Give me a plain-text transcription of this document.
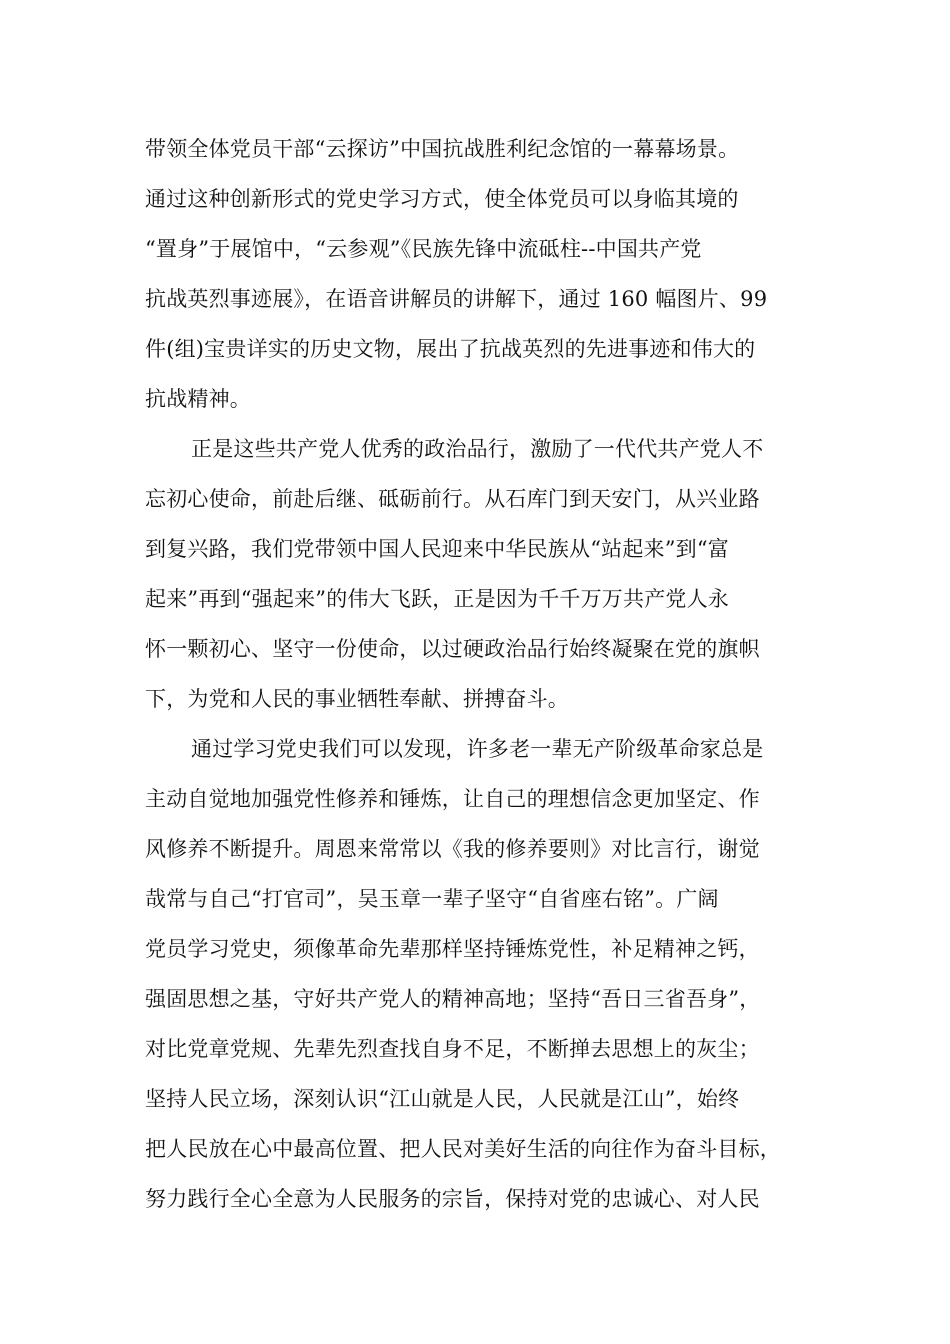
带领全体党员干部“云探访”中国抗战胜利纪念馆的一幕幕场景。
通过这种创新形式的党史学习方式，使全体党员可以身临其境的
“置身”于展馆中，“云参观”《民族先锋中流砥柱--中国共产党
抗战英烈事迹展》，在语音讲解员的讲解下，通过 160 幅图片、99
件(组)宝贵详实的历史文物，展出了抗战英烈的先进事迹和伟大的
抗战精神。
正是这些共产党人优秀的政治品行，激励了一代代共产党人不
忘初心使命，前赴后继、砥砺前行。从石库门到天安门，从兴业路
到复兴路，我们党带领中国人民迎来中华民族从“站起来”到“富
起来”再到“强起来”的伟大飞跃，正是因为千千万万共产党人永
怀一颗初心、坚守一份使命，以过硬政治品行始终凝聚在党的旗帜
下，为党和人民的事业牺牲奉献、拼搏奋斗。
通过学习党史我们可以发现，许多老一辈无产阶级革命家总是
主动自觉地加强党性修养和锤炼，让自己的理想信念更加坚定、作
风修养不断提升。周恩来常常以《我的修养要则》对比言行，谢觉
哉常与自己“打官司”，吴玉章一辈子坚守“自省座右铭”。广阔
党员学习党史，须像革命先辈那样坚持锤炼党性，补足精神之钙，
强固思想之基，守好共产党人的精神高地；坚持“吾日三省吾身”，
对比党章党规、先辈先烈查找自身不足，不断掸去思想上的灰尘；
坚持人民立场，深刻认识“江山就是人民，人民就是江山”，始终
把人民放在心中最高位置、把人民对美好生活的向往作为奋斗目标，
努力践行全心全意为人民服务的宗旨，保持对党的忠诚心、对人民
